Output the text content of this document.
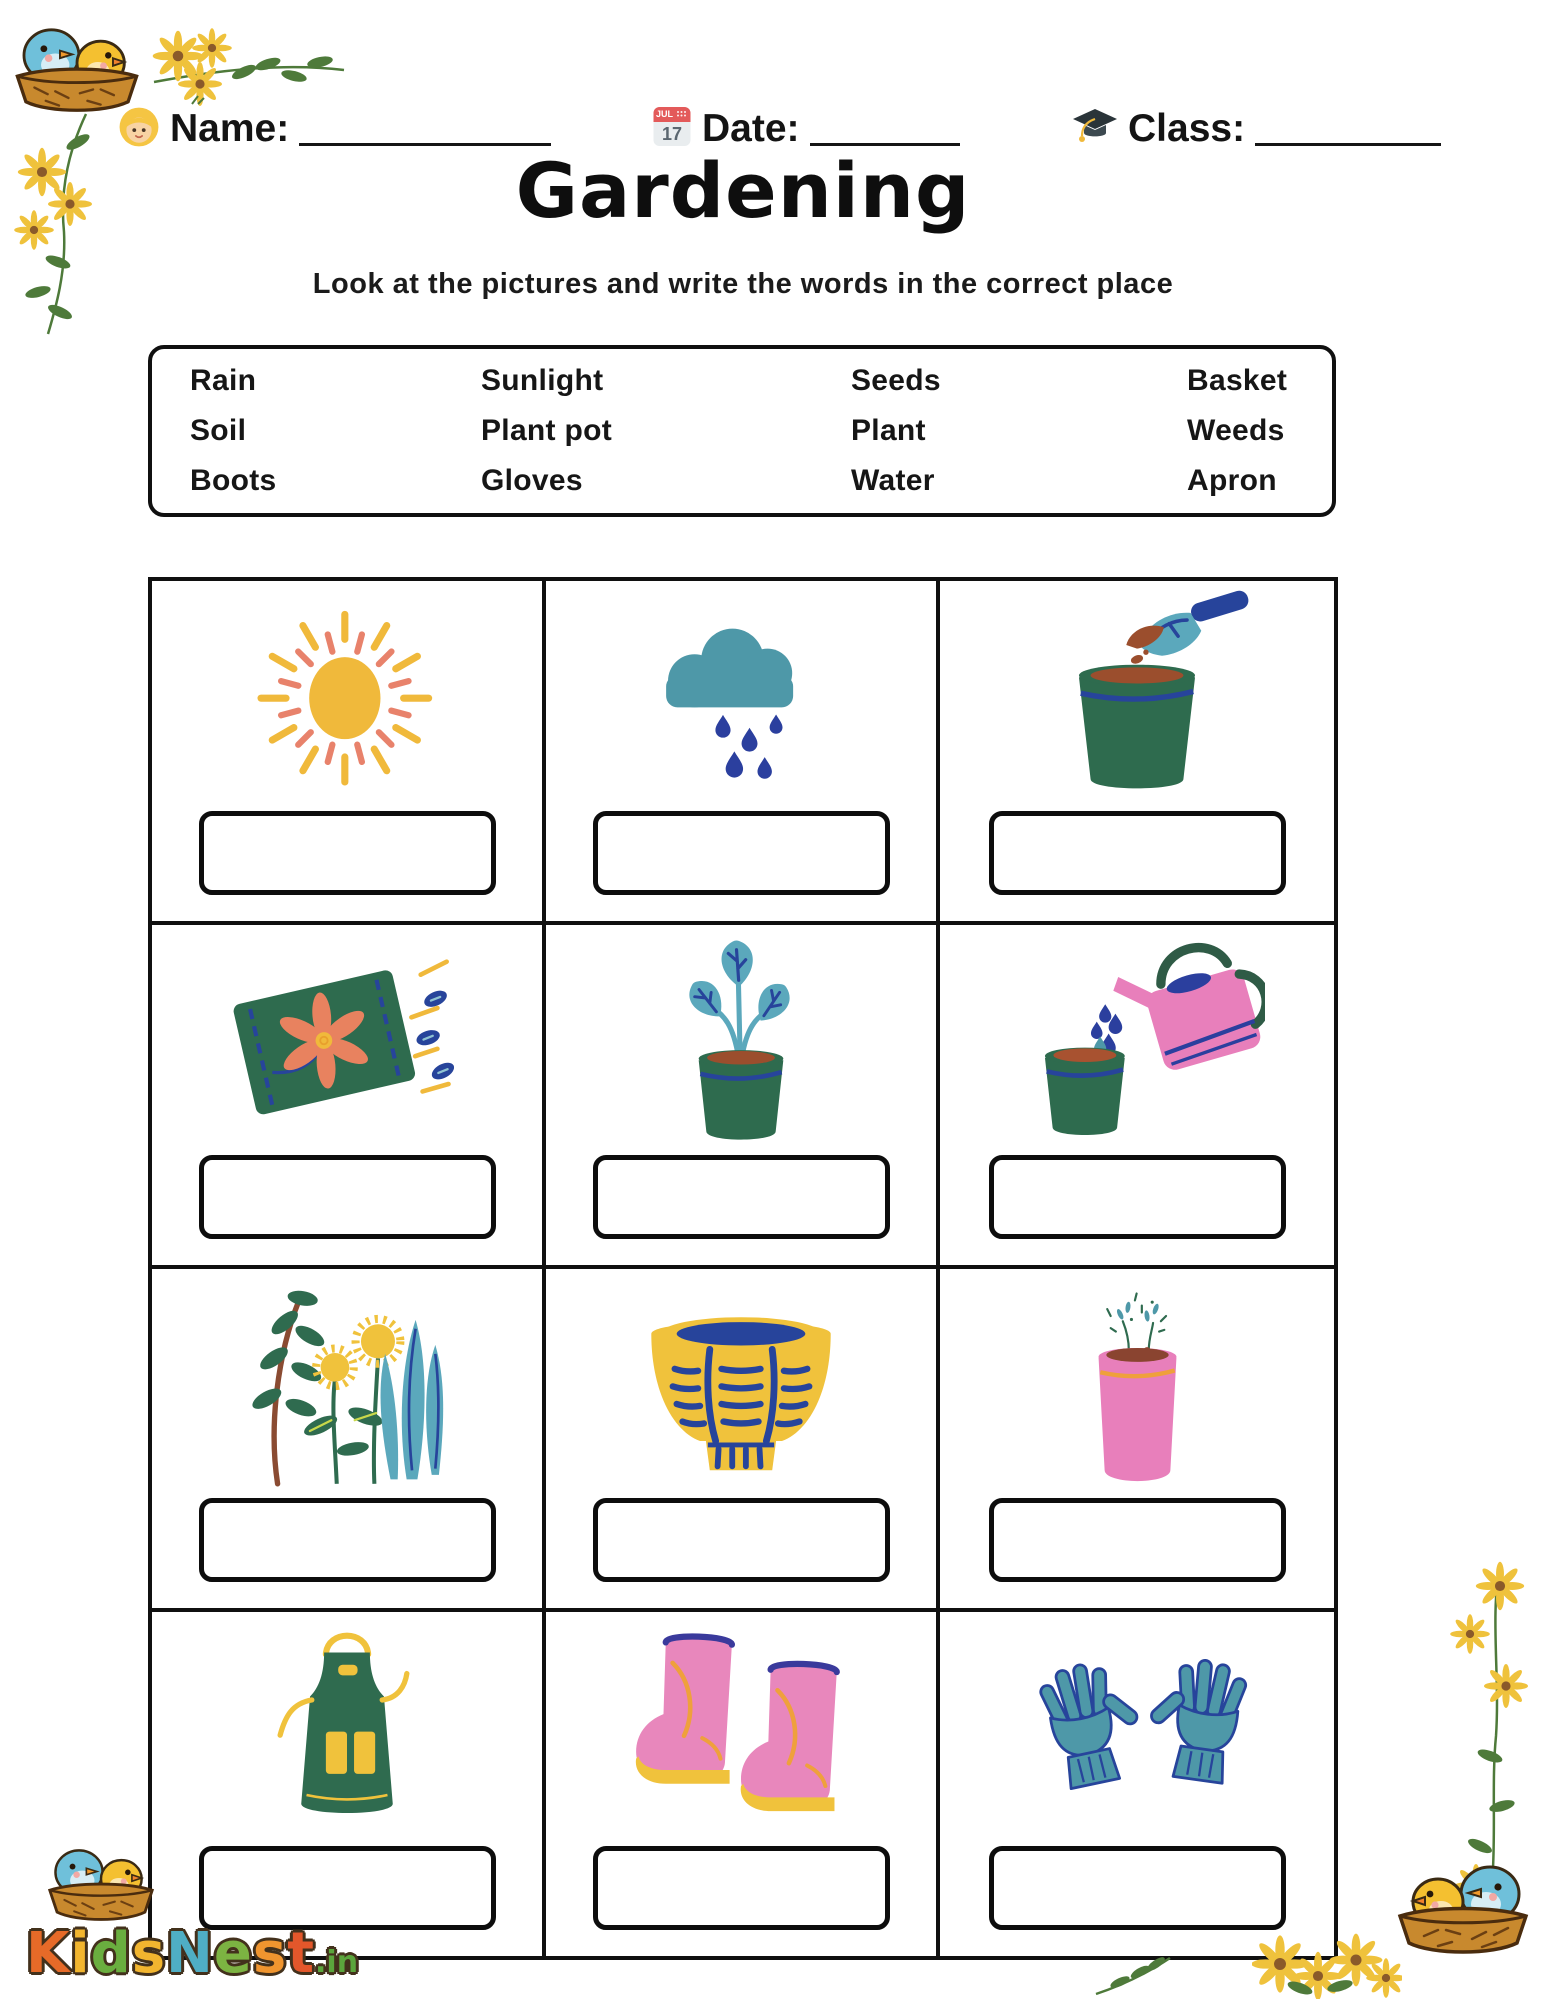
Name:	JUL
17 Date:	Class:
Gardening
Look at the pictures and write the words in the correct place
Rain	Sunlight	Seeds	Basket
Soil	Plant pot	Plant	Weeds
Boots	Gloves	Water	Apron
KidsNest.in
